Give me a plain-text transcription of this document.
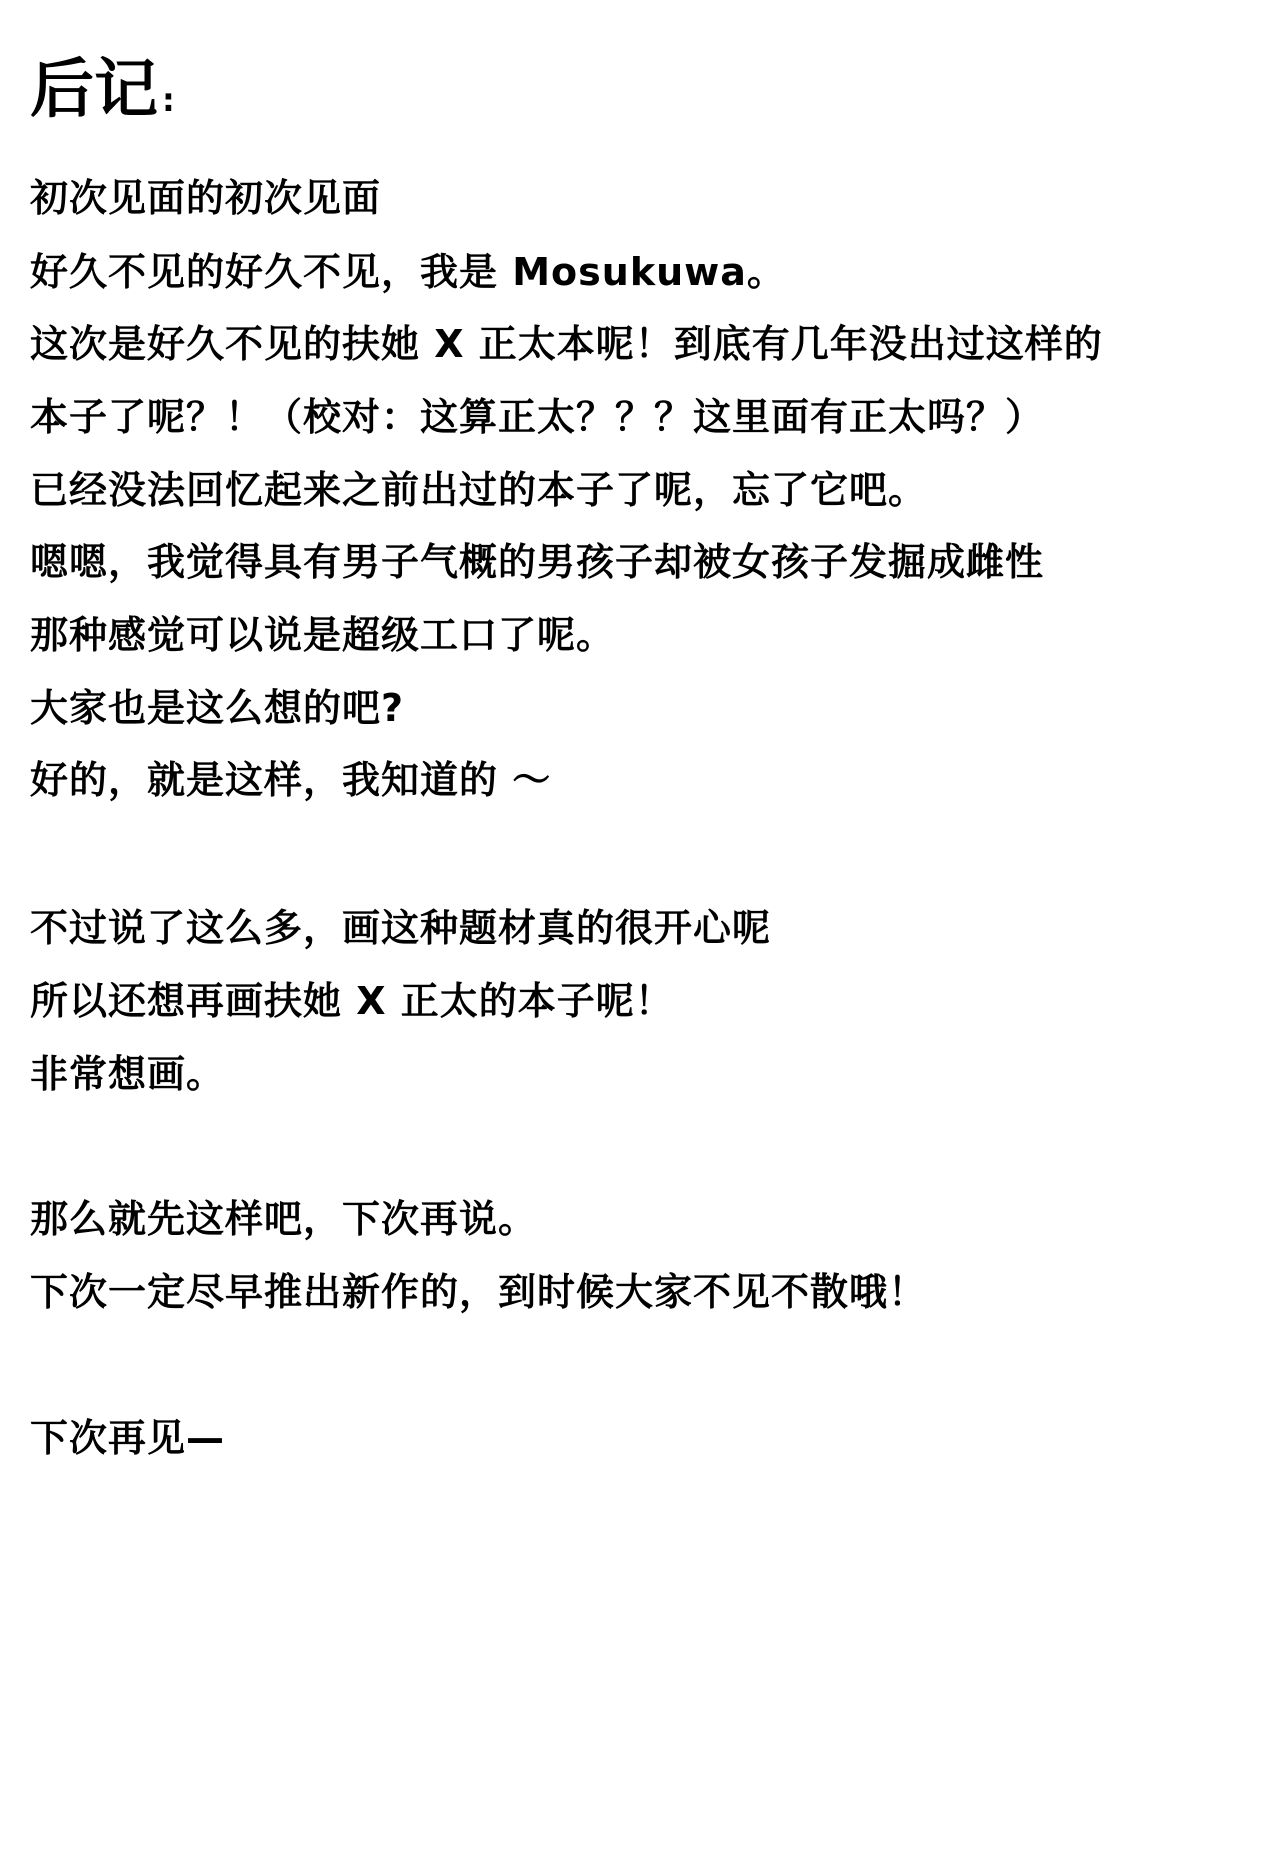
后记 :
初次见面的初次见面
好久不见的好久不见，我是 Mosukuwa。
这次是好久不见的扶她 X 正太本呢！到底有几年没出过这样的
本子了呢？！（校对：这算正太？？？这里面有正太吗？）
已经没法回忆起来之前出过的本子了呢，忘了它吧。
嗯嗯，我觉得具有男子气概的男孩子却被女孩子发掘成雌性
那种感觉可以说是超级工口了呢。
大家也是这么想的吧?
好的，就是这样，我知道的 ～
不过说了这么多，画这种题材真的很开心呢
所以还想再画扶她 X 正太的本子呢！
非常想画。
那么就先这样吧，下次再说。
下次一定尽早推出新作的，到时候大家不见不散哦！
下次再见—
